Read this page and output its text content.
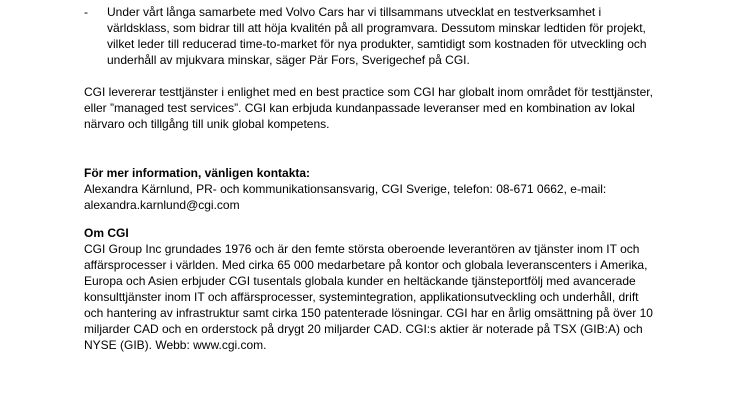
- Under vårt långa samarbete med Volvo Cars har vi tillsammans utvecklat en testverksamhet i
världsklass, som bidrar till att höja kvalitén på all programvara. Dessutom minskar ledtiden för projekt,
vilket leder till reducerad time-to-market för nya produkter, samtidigt som kostnaden för utveckling och
underhåll av mjukvara minskar, säger Pär Fors, Sverigechef på CGI.
CGI levererar testtjänster i enlighet med en best practice som CGI har globalt inom området för testtjänster,
eller ”managed test services”. CGI kan erbjuda kundanpassade leveranser med en kombination av lokal
närvaro och tillgång till unik global kompetens.
För mer information, vänligen kontakta:
Alexandra Kärnlund, PR- och kommunikationsansvarig, CGI Sverige, telefon: 08-671 0662, e-mail:
alexandra.karnlund@cgi.com
Om CGI
CGI Group Inc grundades 1976 och är den femte största oberoende leverantören av tjänster inom IT och
affärsprocesser i världen. Med cirka 65 000 medarbetare på kontor och globala leveranscenters i Amerika,
Europa och Asien erbjuder CGI tusentals globala kunder en heltäckande tjänsteportfölj med avancerade
konsulttjänster inom IT och affärsprocesser, systemintegration, applikationsutveckling och underhåll, drift
och hantering av infrastruktur samt cirka 150 patenterade lösningar. CGI har en årlig omsättning på över 10
miljarder CAD och en orderstock på drygt 20 miljarder CAD. CGI:s aktier är noterade på TSX (GIB:A) och
NYSE (GIB). Webb: www.cgi.com.
